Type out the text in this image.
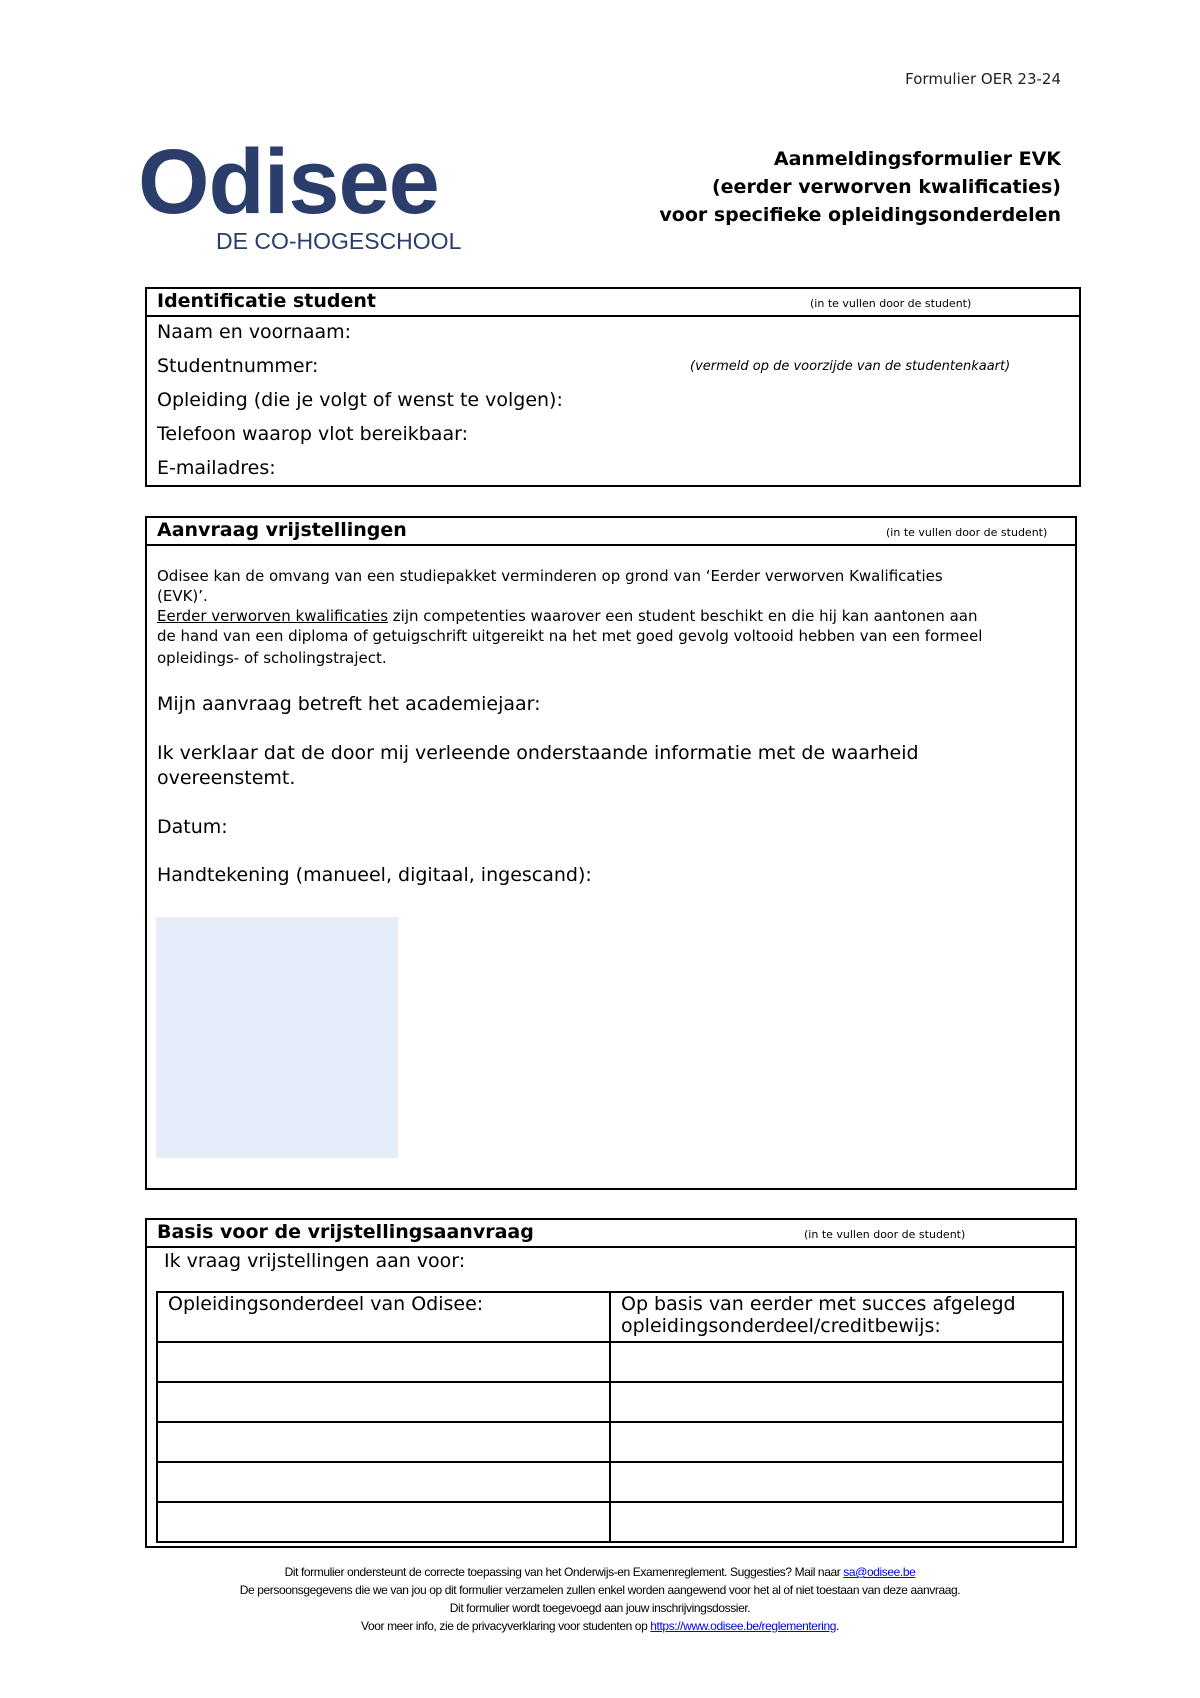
Formulier OER 23-24
Odisee
DE CO-HOGESCHOOL
Aanmeldingsformulier EVK
(eerder verworven kwalificaties)
voor specifieke opleidingsonderdelen
Identificatie student	(in te vullen door de student)
Naam en voornaam:
Studentnummer:	(vermeld op de voorzijde van de studentenkaart)
Opleiding (die je volgt of wenst te volgen):
Telefoon waarop vlot bereikbaar:
E-mailadres:
Aanvraag vrijstellingen	(in te vullen door de student)
Odisee kan de omvang van een studiepakket verminderen op grond van ‘Eerder verworven Kwalificaties
(EVK)’.
Eerder verworven kwalificaties zijn competenties waarover een student beschikt en die hij kan aantonen aan
de hand van een diploma of getuigschrift uitgereikt na het met goed gevolg voltooid hebben van een formeel
opleidings- of scholingstraject.
Mijn aanvraag betreft het academiejaar:
Ik verklaar dat de door mij verleende onderstaande informatie met de waarheid
overeenstemt.
Datum:
Handtekening (manueel, digitaal, ingescand):
Basis voor de vrijstellingsaanvraag	(in te vullen door de student)
Ik vraag vrijstellingen aan voor:
Opleidingsonderdeel van Odisee:	Op basis van eerder met succes afgelegd
opleidingsonderdeel/creditbewijs:

Dit formulier ondersteunt de correcte toepassing van het Onderwijs-en Examenreglement. Suggesties? Mail naar sa@odisee.be
De persoonsgegevens die we van jou op dit formulier verzamelen zullen enkel worden aangewend voor het al of niet toestaan van deze aanvraag.
Dit formulier wordt toegevoegd aan jouw inschrijvingsdossier.
Voor meer info, zie de privacyverklaring voor studenten op https://www.odisee.be/reglementering.
